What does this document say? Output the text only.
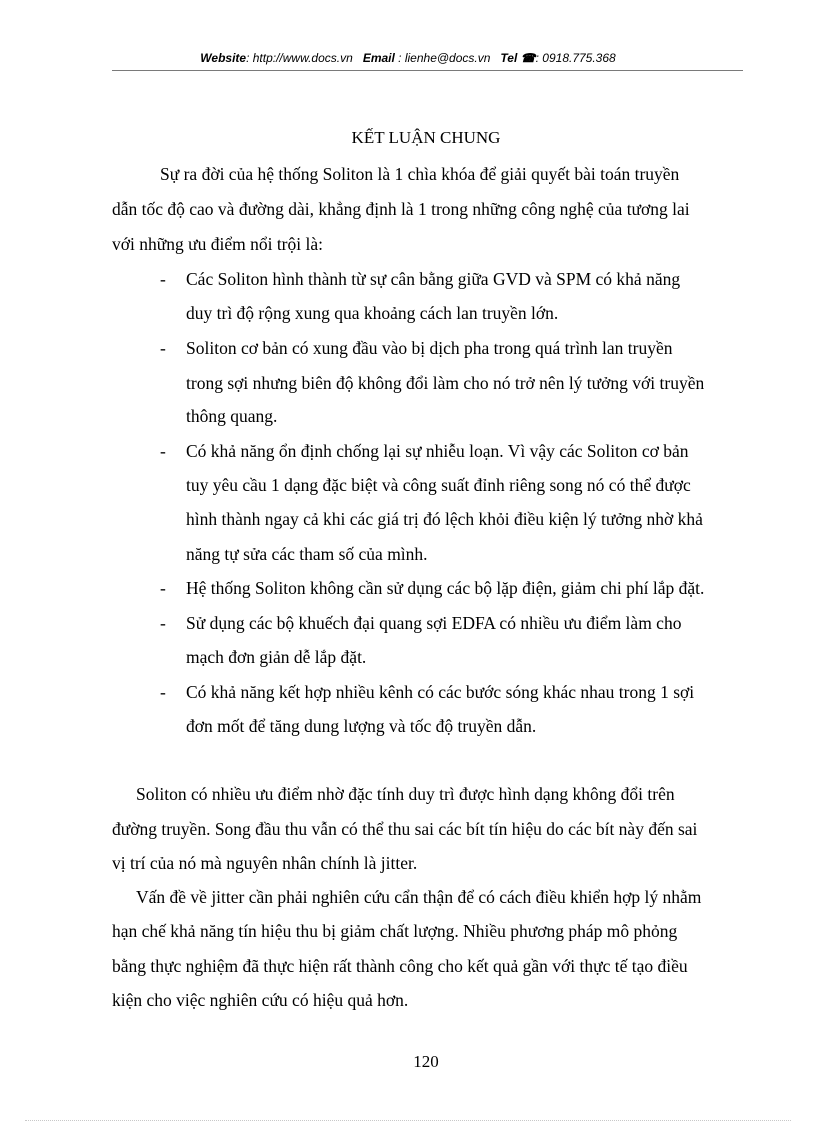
Website: http://www.docs.vn Email : lienhe@docs.vn Tel ☎: 0918.775.368
KẾT LUẬN CHUNG
Sự ra đời của hệ thống Soliton là 1 chìa khóa để giải quyết bài toán truyền
dẫn tốc độ cao và đường dài, khẳng định là 1 trong những công nghệ của tương lai
với những ưu điểm nổi trội là:
- Các Soliton hình thành từ sự cân bằng giữa GVD và SPM có khả năng
duy trì độ rộng xung qua khoảng cách lan truyền lớn.
- Soliton cơ bản có xung đầu vào bị dịch pha trong quá trình lan truyền
trong sợi nhưng biên độ không đổi làm cho nó trở nên lý tưởng với truyền
thông quang.
- Có khả năng ổn định chống lại sự nhiễu loạn. Vì vậy các Soliton cơ bản
tuy yêu cầu 1 dạng đặc biệt và công suất đỉnh riêng song nó có thể được
hình thành ngay cả khi các giá trị đó lệch khỏi điều kiện lý tưởng nhờ khả
năng tự sửa các tham số của mình.
- Hệ thống Soliton không cần sử dụng các bộ lặp điện, giảm chi phí lắp đặt.
- Sử dụng các bộ khuếch đại quang sợi EDFA có nhiều ưu điểm làm cho
mạch đơn giản dễ lắp đặt.
- Có khả năng kết hợp nhiều kênh có các bước sóng khác nhau trong 1 sợi
đơn mốt để tăng dung lượng và tốc độ truyền dẫn.
Soliton có nhiều ưu điểm nhờ đặc tính duy trì được hình dạng không đổi trên
đường truyền. Song đầu thu vẫn có thể thu sai các bít tín hiệu do các bít này đến sai
vị trí của nó mà nguyên nhân chính là jitter.
Vấn đề về jitter cần phải nghiên cứu cẩn thận để có cách điều khiển hợp lý nhằm
hạn chế khả năng tín hiệu thu bị giảm chất lượng. Nhiều phương pháp mô phỏng
bằng thực nghiệm đã thực hiện rất thành công cho kết quả gần với thực tế tạo điều
kiện cho việc nghiên cứu có hiệu quả hơn.
120
